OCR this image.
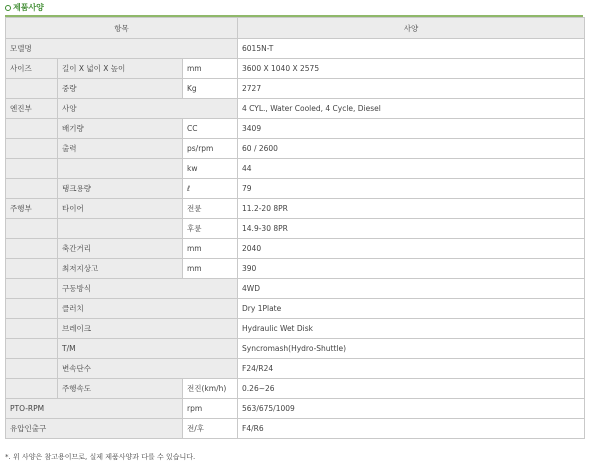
제품사양
항목			사양
모델명			6015N-T
사이즈	길이 X 넓이 X 높이	mm	3600 X 1040 X 2575
	중량	Kg	2727
엔진부	사양		4 CYL., Water Cooled, 4 Cycle, Diesel
	배기량	CC	3409
	출력	ps/rpm	60 / 2600
		kw	44
	탱크용량	ℓ	79
주행부	타이어	전륜	11.2-20 8PR
		후륜	14.9-30 8PR
	축간거리	mm	2040
	최저지상고	mm	390
	구동방식		4WD
	클러치		Dry 1Plate
	브레이크		Hydraulic Wet Disk
	T/M		Syncromash(Hydro-Shuttle)
	변속단수		F24/R24
	주행속도	전진(km/h)	0.26~26
PTO-RPM		rpm	563/675/1009
유압인출구		전/후	F4/R6
*. 위 사양은 참고용이므로, 실제 제품사양과 다를 수 있습니다.
